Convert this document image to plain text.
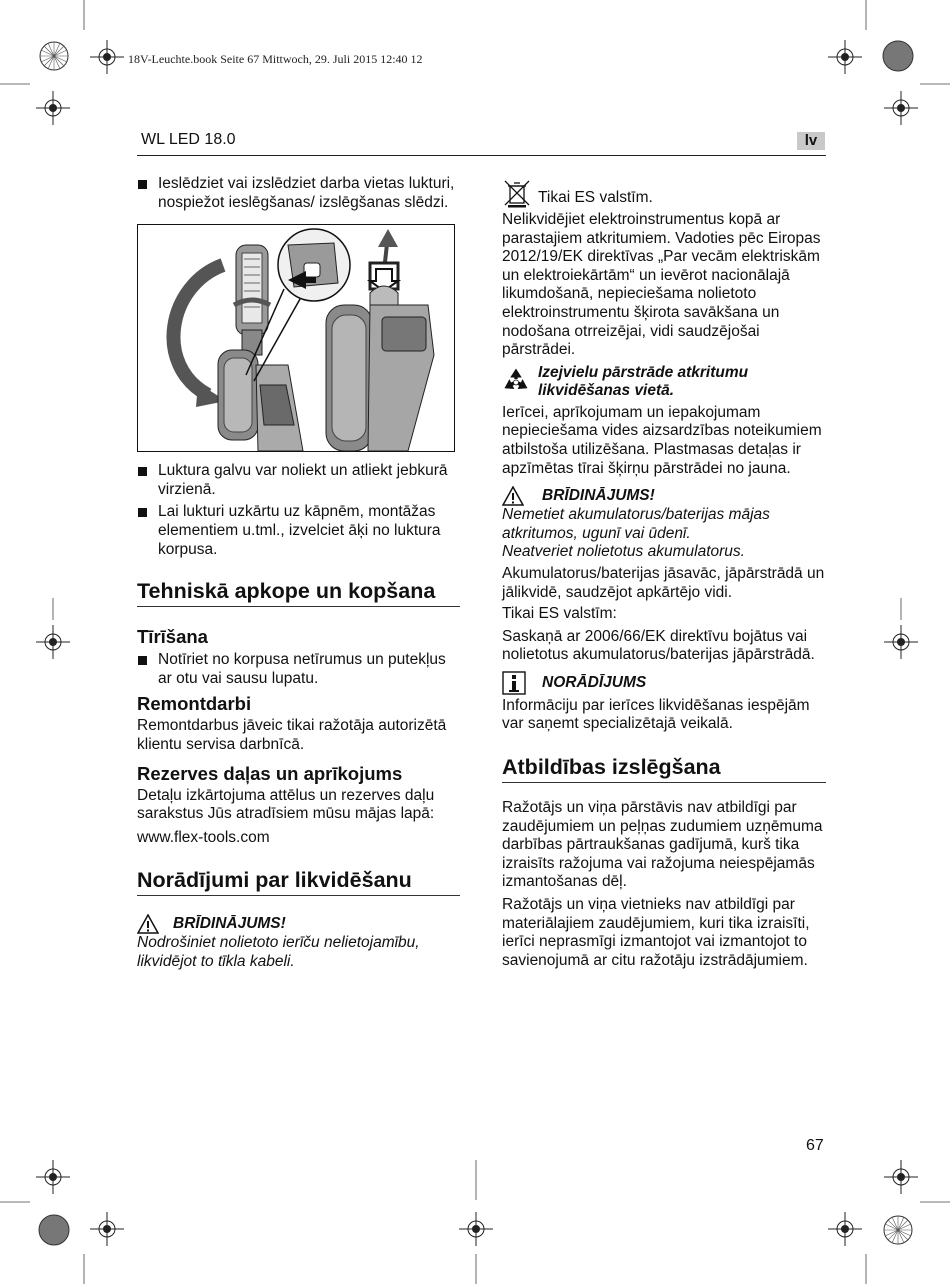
18V-Leuchte.book Seite 67 Mittwoch, 29. Juli 2015 12:40 12
WL LED 18.0	lv
Ieslēdziet vai izslēdziet darba vietas lukturi, nospiežot ieslēgšanas/ izslēgšanas slēdzi.
Luktura galvu var noliekt un atliekt jebkurā virzienā.
Lai lukturi uzkārtu uz kāpnēm, montāžas elementiem u.tml., izvelciet āķi no luktura korpusa.
Tehniskā apkope un kopšana
Tīrīšana
Notīriet no korpusa netīrumus un putekļus ar otu vai sausu lupatu.
Remontdarbi

Remontdarbus jāveic tikai ražotāja autorizētā klientu servisa darbnīcā.

Rezerves daļas un aprīkojums

Detaļu izkārtojuma attēlus un rezerves daļu sarakstus Jūs atradīsiem mūsu mājas lapā:

www.flex-tools.com

Norādījumi par likvidēšanu
BRĪDINĀJUMS!

Nodrošiniet nolietoto ierīču nelietojamību, likvidējot to tīkla kabeli.

Tikai ES valstīm.

Nelikvidējiet elektroinstrumentus kopā ar parastajiem atkritumiem. Vadoties pēc Eiropas 2012/19/EK direktīvas „Par vecām elektriskām un elektroiekārtām“ un ievērot nacionālajā likumdošanā, nepieciešama nolietoto elektroinstrumentu šķirota savākšana un nodošana otrreizējai, vidi saudzējošai pārstrādei.

Izejvielu pārstrāde atkritumu likvidēšanas vietā.

Ierīcei, aprīkojumam un iepakojumam nepieciešama vides aizsardzības noteikumiem atbilstoša utilizēšana. Plastmasas detaļas ir apzīmētas tīrai šķirņu pārstrādei no jauna.

BRĪDINĀJUMS!

Nemetiet akumulatorus/baterijas mājas atkritumos, ugunī vai ūdenī.

Neatveriet nolietotus akumulatorus.

Akumulatorus/baterijas jāsavāc, jāpārstrādā un jālikvidē, saudzējot apkārtējo vidi.

Tikai ES valstīm:

Saskaņā ar 2006/66/EK direktīvu bojātus vai nolietotus akumulatorus/baterijas jāpārstrādā.

NORĀDĪJUMS

Informāciju par ierīces likvidēšanas iespējām var saņemt specializētajā veikalā.

Atbildības izslēgšana

Ražotājs un viņa pārstāvis nav atbildīgi par zaudējumiem un peļņas zudumiem uzņēmuma darbības pārtraukšanas gadījumā, kurš tika izraisīts ražojuma vai ražojuma neiespējamās izmantošanas dēļ.

Ražotājs un viņa vietnieks nav atbildīgi par materiālajiem zaudējumiem, kuri tika izraisīti, ierīci neprasmīgi izmantojot vai izmantojot to savienojumā ar citu ražotāju izstrādājumiem.

67
